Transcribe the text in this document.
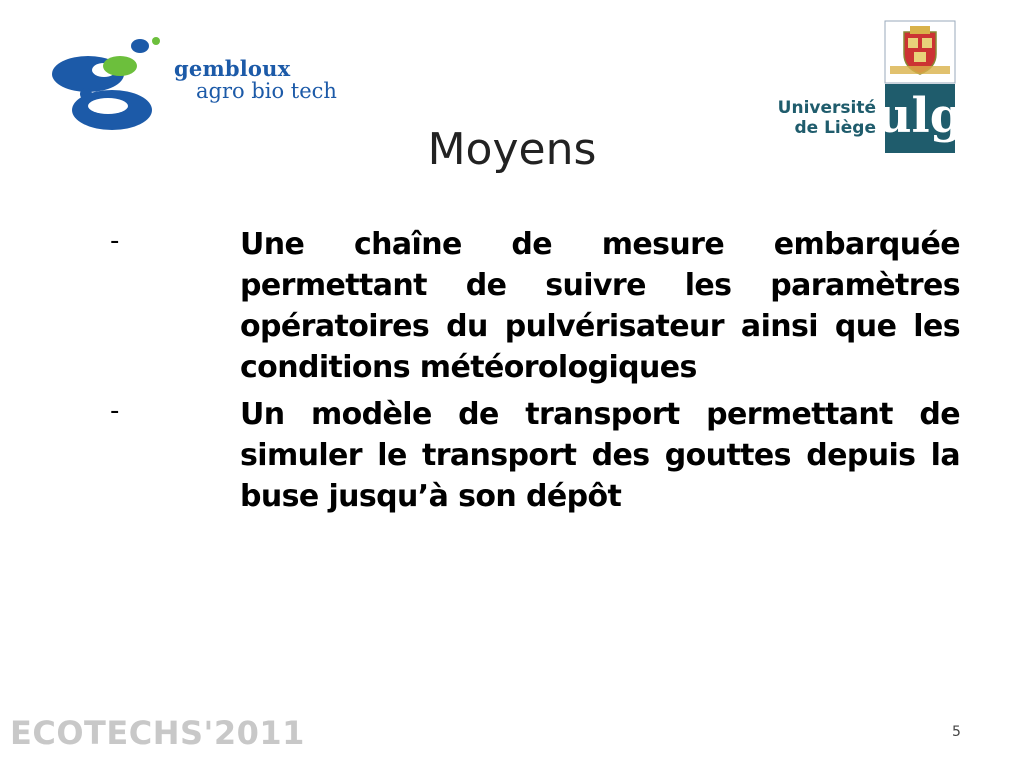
gembloux
agro bio tech
Université
de Liège ulg
Moyens
-	Une chaîne de mesure embarquée permettant de suivre les paramètres opératoires du pulvérisateur ainsi que les conditions météorologiques
-	Un modèle de transport permettant de simuler le transport des gouttes depuis la buse jusqu’à son dépôt
ECOTECHS'2011	5
